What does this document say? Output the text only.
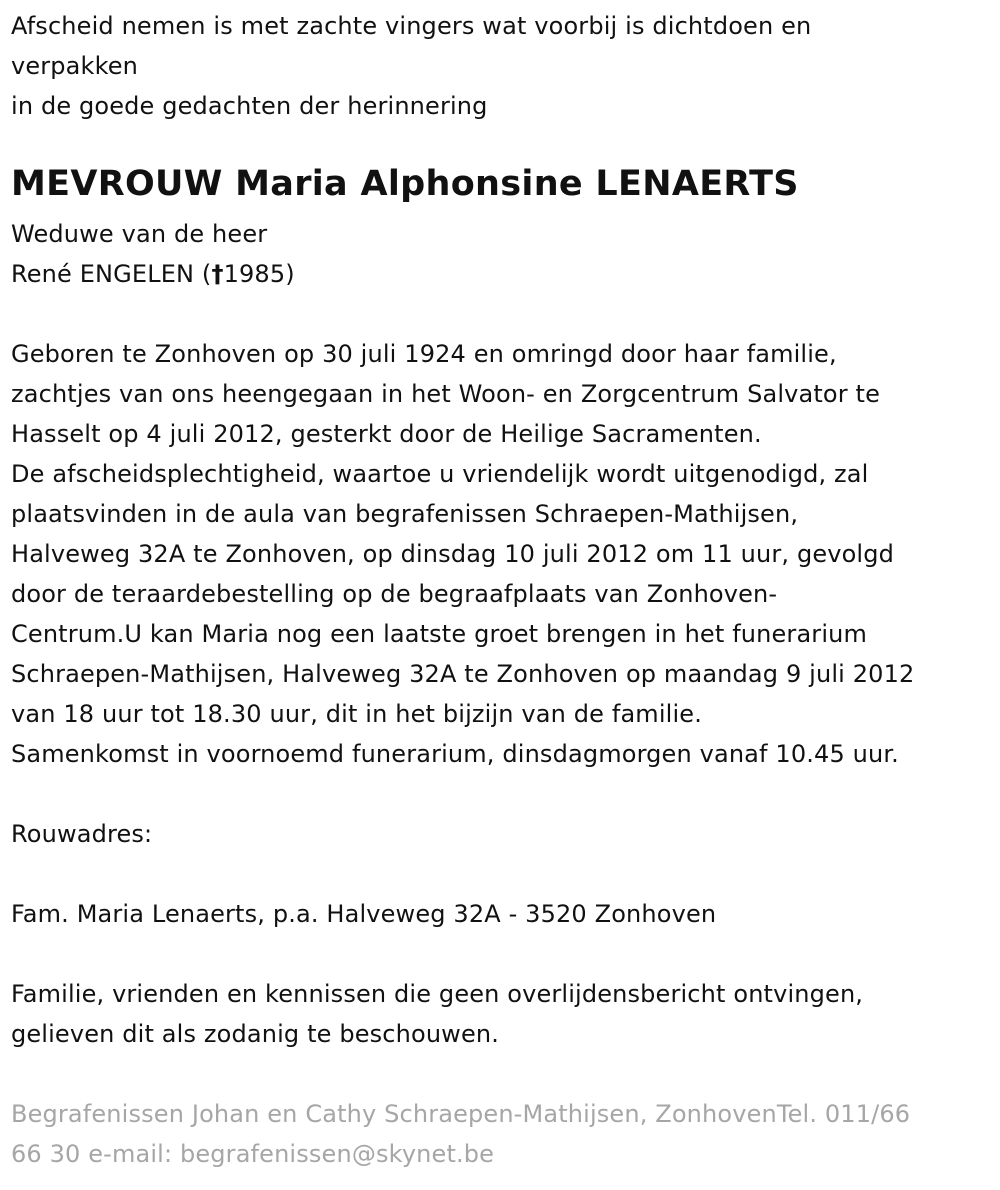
Afscheid nemen is met zachte vingers wat voorbij is dichtdoen en
verpakken
in de goede gedachten der herinnering
MEVROUW Maria Alphonsine LENAERTS
Weduwe van de heer
René ENGELEN (†1985)
Geboren te Zonhoven op 30 juli 1924 en omringd door haar familie,
zachtjes van ons heengegaan in het Woon- en Zorgcentrum Salvator te
Hasselt op 4 juli 2012, gesterkt door de Heilige Sacramenten.
De afscheidsplechtigheid, waartoe u vriendelijk wordt uitgenodigd, zal
plaatsvinden in de aula van begrafenissen Schraepen-Mathijsen,
Halveweg 32A te Zonhoven, op dinsdag 10 juli 2012 om 11 uur, gevolgd
door de teraardebestelling op de begraafplaats van Zonhoven-
Centrum.U kan Maria nog een laatste groet brengen in het funerarium
Schraepen-Mathijsen, Halveweg 32A te Zonhoven op maandag 9 juli 2012
van 18 uur tot 18.30 uur, dit in het bijzijn van de familie.
Samenkomst in voornoemd funerarium, dinsdagmorgen vanaf 10.45 uur.
Rouwadres:
Fam. Maria Lenaerts, p.a. Halveweg 32A - 3520 Zonhoven
Familie, vrienden en kennissen die geen overlijdensbericht ontvingen,
gelieven dit als zodanig te beschouwen.
Begrafenissen Johan en Cathy Schraepen-Mathijsen, ZonhovenTel. 011/66
66 30 e-mail: begrafenissen@skynet.be
